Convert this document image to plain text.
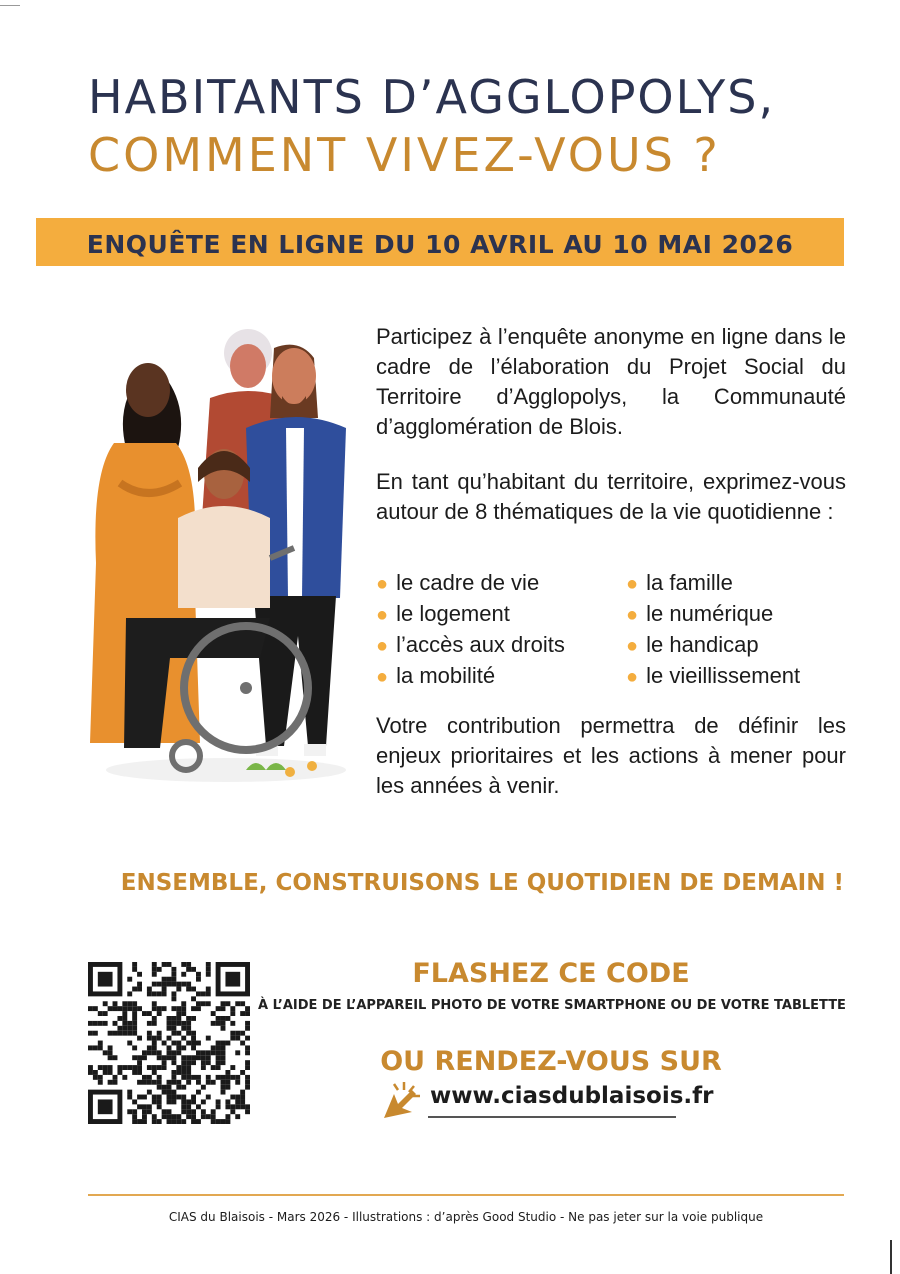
HABITANTS D’AGGLOPOLYS,
COMMENT VIVEZ-VOUS ?
ENQUÊTE EN LIGNE DU 10 AVRIL AU 10 MAI 2026
Participez à l’enquête anonyme en ligne dans le cadre de l’élaboration du Projet Social du Territoire d’Agglopolys, la Communauté d’agglomération de Blois.
En tant qu’habitant du territoire, exprimez-vous autour de 8 thématiques de la vie quotidienne :
● le cadre de vie	● la famille
● le logement	● le numérique
● l’accès aux droits	● le handicap
● la mobilité	● le vieillissement
Votre contribution permettra de définir les enjeux prioritaires et les actions à mener pour les années à venir.
ENSEMBLE, CONSTRUISONS LE QUOTIDIEN DE DEMAIN !
FLASHEZ CE CODE
À L’AIDE DE L’APPAREIL PHOTO DE VOTRE SMARTPHONE OU DE VOTRE TABLETTE
OU RENDEZ-VOUS SUR
www.ciasdublaisois.fr
CIAS du Blaisois - Mars 2026 - Illustrations : d’après Good Studio - Ne pas jeter sur la voie publique
